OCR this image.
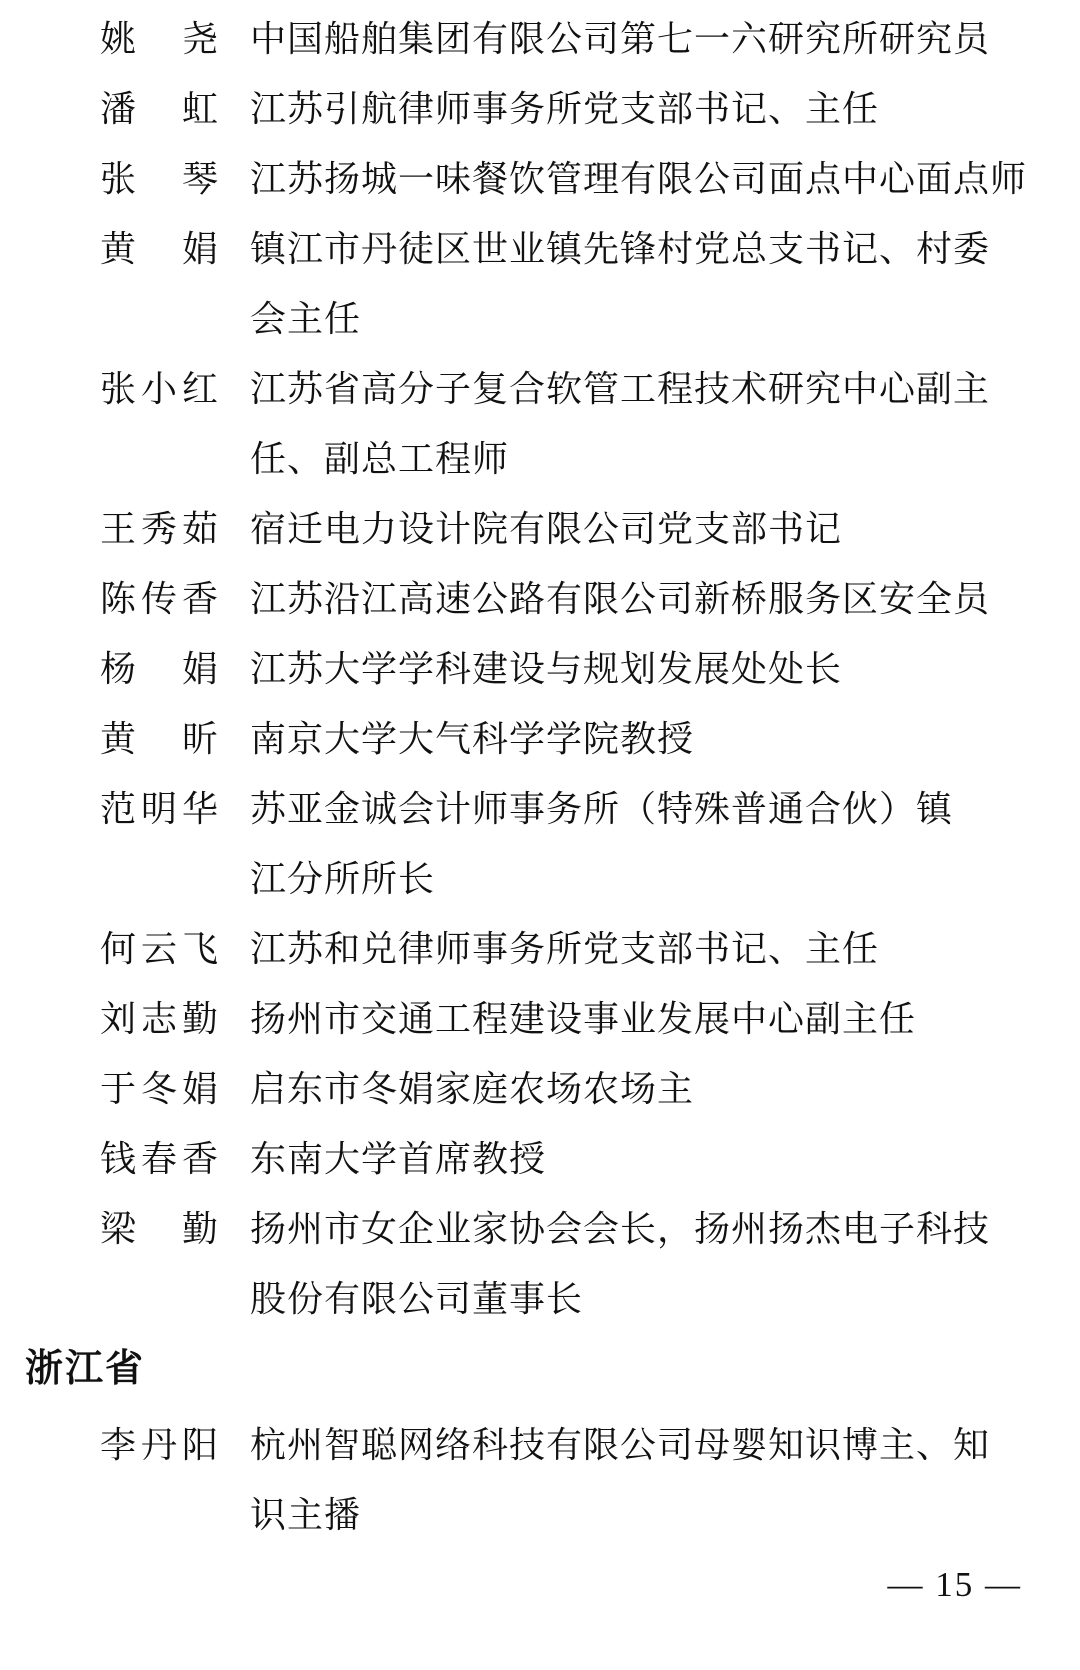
姚尧 中国船舶集团有限公司第七一六研究所研究员
潘虹 江苏引航律师事务所党支部书记、主任
张琴 江苏扬城一味餐饮管理有限公司面点中心面点师
黄娟 镇江市丹徒区世业镇先锋村党总支书记、村委
会主任
张小红 江苏省高分子复合软管工程技术研究中心副主
任、副总工程师
王秀茹 宿迁电力设计院有限公司党支部书记
陈传香 江苏沿江高速公路有限公司新桥服务区安全员
杨娟 江苏大学学科建设与规划发展处处长
黄昕 南京大学大气科学学院教授
范明华 苏亚金诚会计师事务所（特殊普通合伙）镇
江分所所长
何云飞 江苏和兑律师事务所党支部书记、主任
刘志勤 扬州市交通工程建设事业发展中心副主任
于冬娟 启东市冬娟家庭农场农场主
钱春香 东南大学首席教授
梁勤 扬州市女企业家协会会长，扬州扬杰电子科技
股份有限公司董事长
浙江省
李丹阳 杭州智聪网络科技有限公司母婴知识博主、知
识主播
— 15 —
